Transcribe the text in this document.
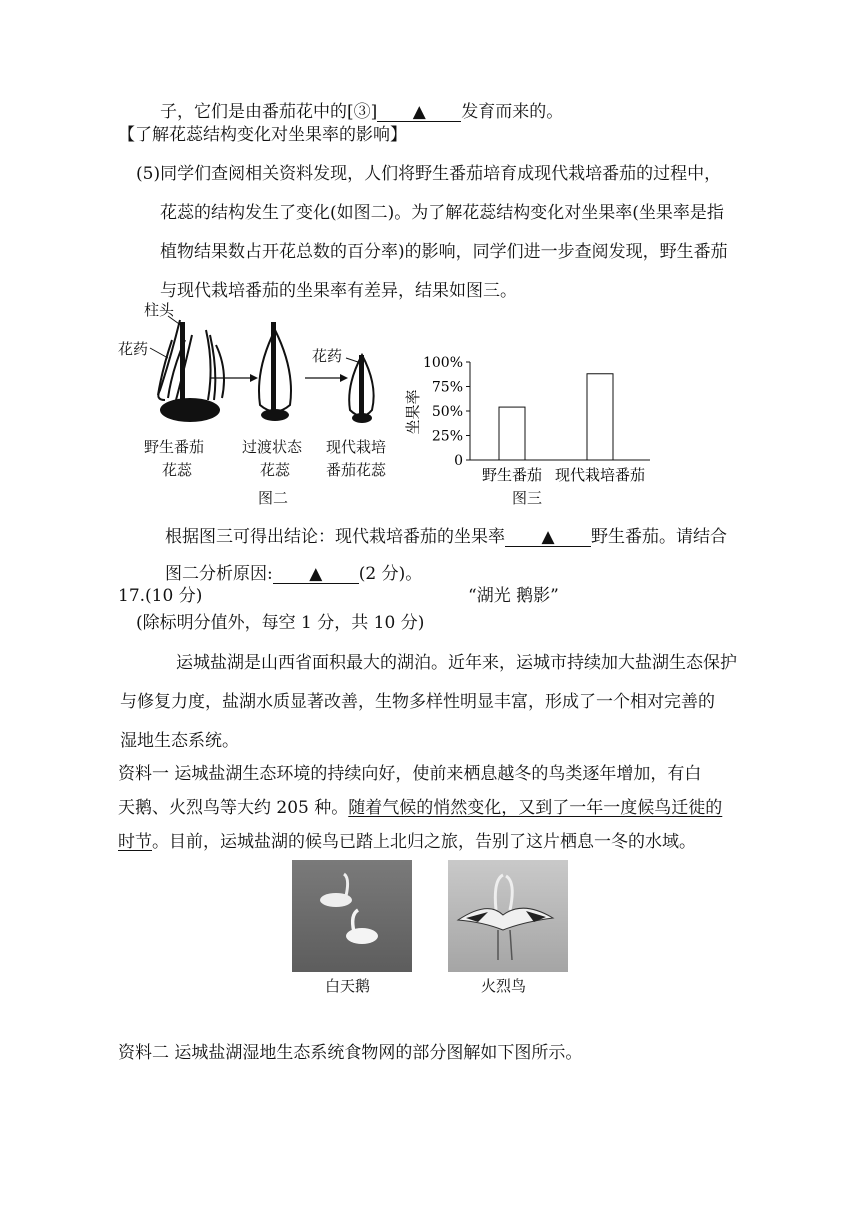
子，它们是由番茄花中的[③] ▲ 发育而来的。
【了解花蕊结构变化对坐果率的影响】
(5)同学们查阅相关资料发现，人们将野生番茄培育成现代栽培番茄的过程中，
花蕊的结构发生了变化(如图二)。为了解花蕊结构变化对坐果率(坐果率是指
植物结果数占开花总数的百分率)的影响，同学们进一步查阅发现，野生番茄
与现代栽培番茄的坐果率有差异，结果如图三。
柱头
花药	花药
野生番茄
花蕊
过渡状态
花蕊
现代栽培
番茄花蕊
图二
坐果率
0
25%
50%
75%
100%
野生番茄 现代栽培番茄
图三
根据图三可得出结论：现代栽培番茄的坐果率 ▲ 野生番茄。请结合
图二分析原因: ▲ (2 分)。
17.(10 分)	“湖光 鹅影”
(除标明分值外，每空 1 分，共 10 分)
运城盐湖是山西省面积最大的湖泊。近年来，运城市持续加大盐湖生态保护
与修复力度，盐湖水质显著改善，生物多样性明显丰富，形成了一个相对完善的
湿地生态系统。
资料一 运城盐湖生态环境的持续向好，使前来栖息越冬的鸟类逐年增加，有白
天鹅、火烈鸟等大约 205 种。随着气候的悄然变化，又到了一年一度候鸟迁徙的
时节。目前，运城盐湖的候鸟已踏上北归之旅，告别了这片栖息一冬的水域。
白天鹅	火烈鸟
资料二 运城盐湖湿地生态系统食物网的部分图解如下图所示。
